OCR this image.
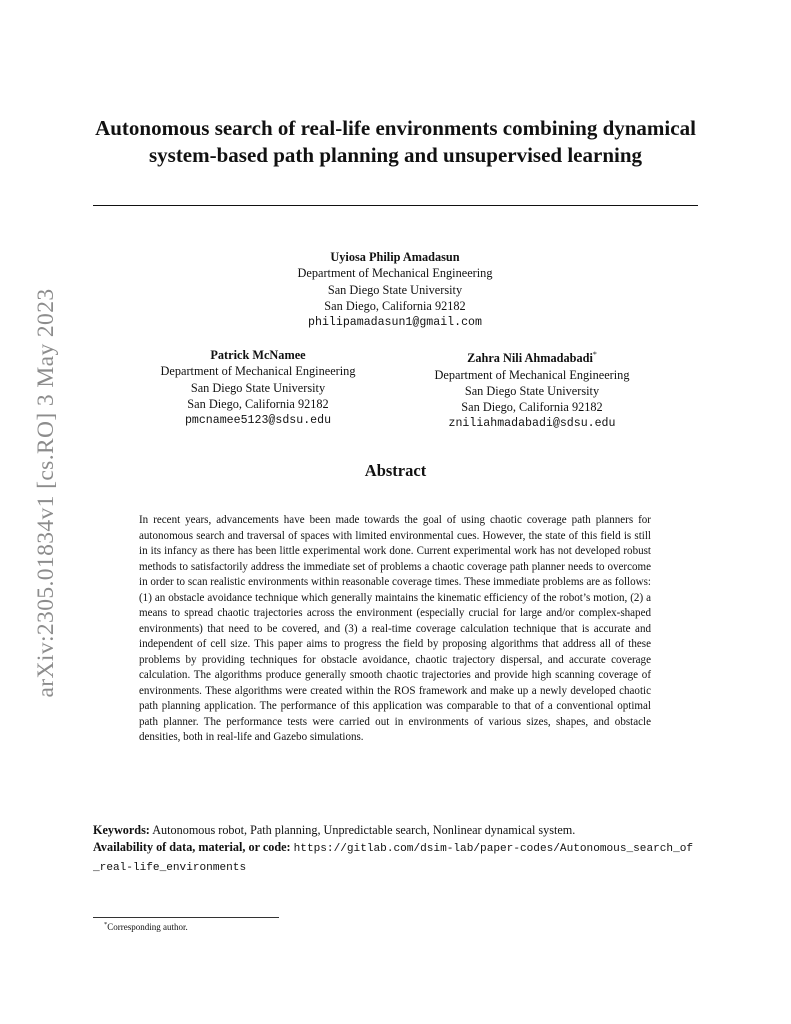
arXiv:2305.01834v1 [cs.RO] 3 May 2023
Autonomous search of real-life environments combining dynamical system-based path planning and unsupervised learning
Uyiosa Philip Amadasun
Department of Mechanical Engineering
San Diego State University
San Diego, California 92182
philipamadasun1@gmail.com
Patrick McNamee
Department of Mechanical Engineering
San Diego State University
San Diego, California 92182
pmcnamee5123@sdsu.edu
Zahra Nili Ahmadabadi*
Department of Mechanical Engineering
San Diego State University
San Diego, California 92182
zniliahmadabadi@sdsu.edu
Abstract
In recent years, advancements have been made towards the goal of using chaotic coverage path planners for autonomous search and traversal of spaces with limited environmental cues. However, the state of this field is still in its infancy as there has been little experimental work done. Current experimental work has not developed robust methods to satisfactorily address the immediate set of problems a chaotic coverage path planner needs to overcome in order to scan realistic environments within reasonable coverage times. These immediate problems are as follows: (1) an obstacle avoidance technique which generally maintains the kinematic efficiency of the robot’s motion, (2) a means to spread chaotic trajectories across the environment (especially crucial for large and/or complex-shaped environments) that need to be covered, and (3) a real-time coverage calculation technique that is accurate and independent of cell size. This paper aims to progress the field by proposing algorithms that address all of these problems by providing techniques for obstacle avoidance, chaotic trajectory dispersal, and accurate coverage calculation. The algorithms produce generally smooth chaotic trajectories and provide high scanning coverage of environments. These algorithms were created within the ROS framework and make up a newly developed chaotic path planning application. The performance of this application was comparable to that of a conventional optimal path planner. The performance tests were carried out in environments of various sizes, shapes, and obstacle densities, both in real-life and Gazebo simulations.
Keywords: Autonomous robot, Path planning, Unpredictable search, Nonlinear dynamical system.
Availability of data, material, or code: https://gitlab.com/dsim-lab/paper-codes/Autonomous_search_of_real-life_environments
*Corresponding author.
